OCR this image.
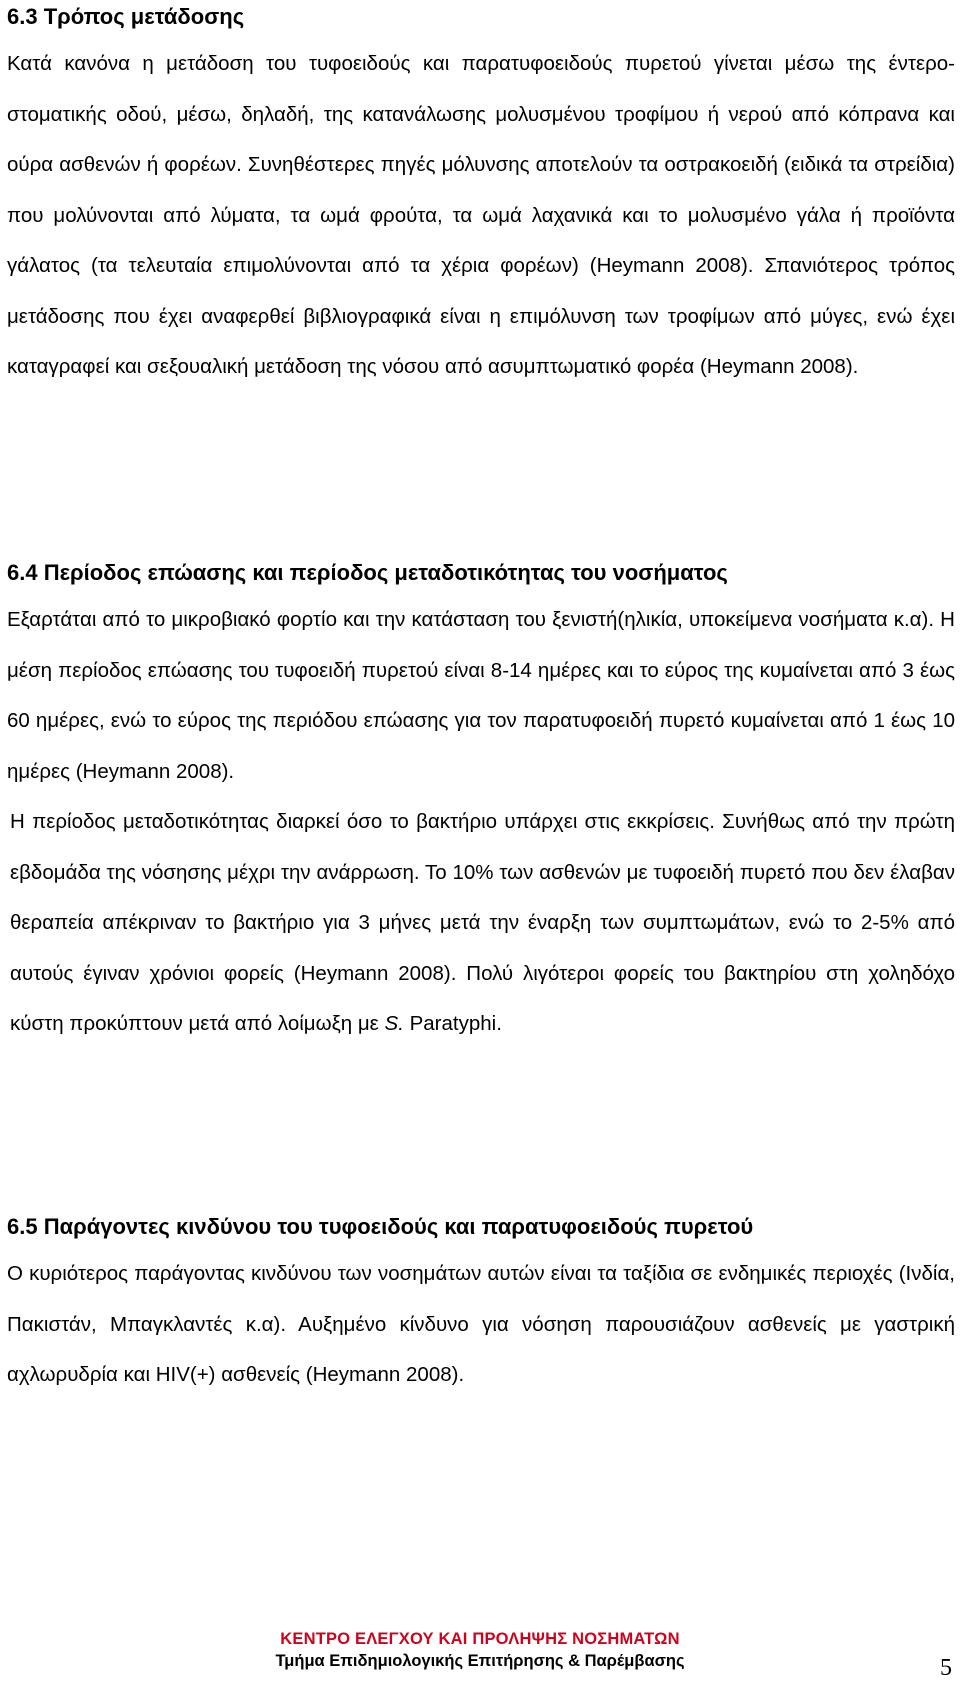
6.3 Τρόπος μετάδοσης

Κατά κανόνα η μετάδοση του τυφοειδούς και παρατυφοειδούς πυρετού γίνεται μέσω της έντερο-στοματικής οδού, μέσω, δηλαδή, της κατανάλωσης μολυσμένου τροφίμου ή νερού από κόπρανα και ούρα ασθενών ή φορέων. Συνηθέστερες πηγές μόλυνσης αποτελούν τα οστρακοειδή (ειδικά τα στρείδια) που μολύνονται από λύματα, τα ωμά φρούτα, τα ωμά λαχανικά και το μολυσμένο γάλα ή προϊόντα γάλατος (τα τελευταία επιμολύνονται από τα χέρια φορέων) (Heymann 2008). Σπανιότερος τρόπος μετάδοσης που έχει αναφερθεί βιβλιογραφικά είναι η επιμόλυνση των τροφίμων από μύγες, ενώ έχει καταγραφεί και σεξουαλική μετάδοση της νόσου από ασυμπτωματικό φορέα (Heymann 2008).

6.4 Περίοδος επώασης και περίοδος μεταδοτικότητας του νοσήματος

Εξαρτάται από το μικροβιακό φορτίο και την κατάσταση του ξενιστή(ηλικία, υποκείμενα νοσήματα κ.α). Η μέση περίοδος επώασης του τυφοειδή πυρετού είναι 8-14 ημέρες και το εύρος της κυμαίνεται από 3 έως 60 ημέρες, ενώ το εύρος της περιόδου επώασης για τον παρατυφοειδή πυρετό κυμαίνεται από 1 έως 10 ημέρες (Heymann 2008).

Η περίοδος μεταδοτικότητας διαρκεί όσο το βακτήριο υπάρχει στις εκκρίσεις. Συνήθως από την πρώτη εβδομάδα της νόσησης μέχρι την ανάρρωση. Το 10% των ασθενών με τυφοειδή πυρετό που δεν έλαβαν θεραπεία απέκριναν το βακτήριο για 3 μήνες μετά την έναρξη των συμπτωμάτων, ενώ το 2-5% από αυτούς έγιναν χρόνιοι φορείς (Heymann 2008). Πολύ λιγότεροι φορείς του βακτηρίου στη χοληδόχο κύστη προκύπτουν μετά από λοίμωξη με S. Paratyphi.

6.5 Παράγοντες κινδύνου του τυφοειδούς και παρατυφοειδούς πυρετού

Ο κυριότερος παράγοντας κινδύνου των νοσημάτων αυτών είναι τα ταξίδια σε ενδημικές περιοχές (Ινδία, Πακιστάν, Μπαγκλαντές κ.α). Αυξημένο κίνδυνο για νόσηση παρουσιάζουν ασθενείς με γαστρική αχλωρυδρία και HIV(+) ασθενείς (Heymann 2008).

ΚΕΝΤΡΟ ΕΛΕΓΧΟΥ ΚΑΙ ΠΡΟΛΗΨΗΣ ΝΟΣΗΜΑΤΩΝ
Τμήμα Επιδημιολογικής Επιτήρησης & Παρέμβασης	5
